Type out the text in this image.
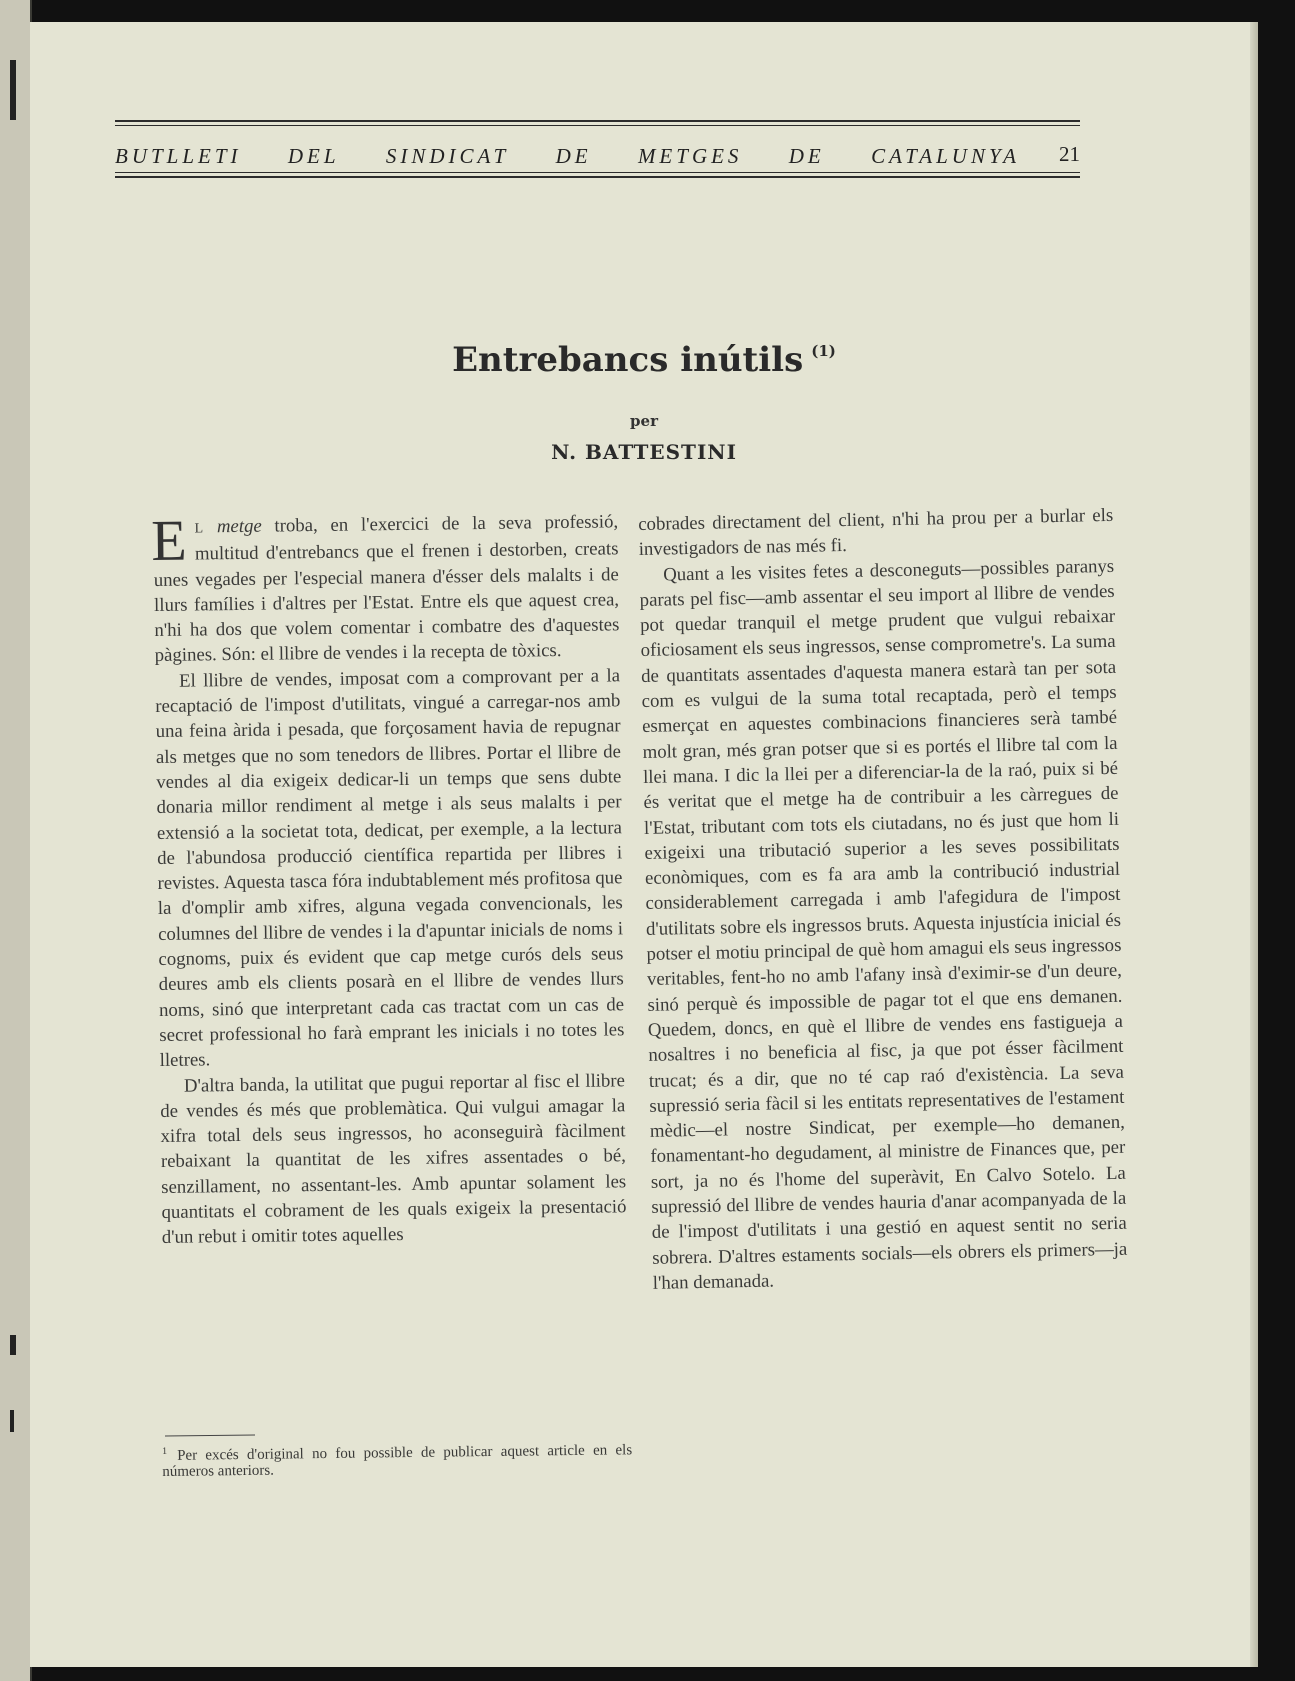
BUTLLETI DEL SINDICAT DE METGES DE CATALUNYA 21
Entrebancs inútils $^{(1)}$
per
N. BATTESTINI

E L metge troba, en l'exercici de la seva professió, multitud d'entrebancs que el frenen i destorben, creats unes vegades per l'especial manera d'ésser dels malalts i de llurs famílies i d'altres per l'Estat. Entre els que aquest crea, n'hi ha dos que volem comentar i combatre des d'aquestes pàgines. Són: el llibre de vendes i la recepta de tòxics.

El llibre de vendes, imposat com a comprovant per a la recaptació de l'impost d'utilitats, vingué a carregar-nos amb una feina àrida i pesada, que forçosament havia de repugnar als metges que no som tenedors de llibres. Portar el llibre de vendes al dia exigeix dedicar-li un temps que sens dubte donaria millor rendiment al metge i als seus malalts i per extensió a la societat tota, dedicat, per exemple, a la lectura de l'abundosa producció científica repartida per llibres i revistes. Aquesta tasca fóra indubtablement més profitosa que la d'omplir amb xifres, alguna vegada convencionals, les columnes del llibre de vendes i la d'apuntar inicials de noms i cognoms, puix és evident que cap metge curós dels seus deures amb els clients posarà en el llibre de vendes llurs noms, sinó que interpretant cada cas tractat com un cas de secret professional ho farà emprant les inicials i no totes les lletres.

D'altra banda, la utilitat que pugui reportar al fisc el llibre de vendes és més que problemàtica. Qui vulgui amagar la xifra total dels seus ingressos, ho aconseguirà fàcilment rebaixant la quantitat de les xifres assentades o bé, senzillament, no assentant-les. Amb apuntar solament les quantitats el cobrament de les quals exigeix la presentació d'un rebut i omitir totes aquelles

cobrades directament del client, n'hi ha prou per a burlar els investigadors de nas més fi.

Quant a les visites fetes a desconeguts—possibles paranys parats pel fisc—amb assentar el seu import al llibre de vendes pot quedar tranquil el metge prudent que vulgui rebaixar oficiosament els seus ingressos, sense comprometre's. La suma de quantitats assentades d'aquesta manera estarà tan per sota com es vulgui de la suma total recaptada, però el temps esmerçat en aquestes combinacions financieres serà també molt gran, més gran potser que si es portés el llibre tal com la llei mana. I dic la llei per a diferenciar-la de la raó, puix si bé és veritat que el metge ha de contribuir a les càrregues de l'Estat, tributant com tots els ciutadans, no és just que hom li exigeixi una tributació superior a les seves possibilitats econòmiques, com es fa ara amb la contribució industrial considerablement carregada i amb l'afegidura de l'impost d'utilitats sobre els ingressos bruts. Aquesta injustícia inicial és potser el motiu principal de què hom amagui els seus ingressos veritables, fent-ho no amb l'afany insà d'eximir-se d'un deure, sinó perquè és impossible de pagar tot el que ens demanen. Quedem, doncs, en què el llibre de vendes ens fastigueja a nosaltres i no beneficia al fisc, ja que pot ésser fàcilment trucat; és a dir, que no té cap raó d'existència. La seva supressió seria fàcil si les entitats representatives de l'estament mèdic—el nostre Sindicat, per exemple—ho demanen, fonamentant-ho degudament, al ministre de Finances que, per sort, ja no és l'home del superàvit, En Calvo Sotelo. La supressió del llibre de vendes hauria d'anar acompanyada de la de l'impost d'utilitats i una gestió en aquest sentit no seria sobrera. D'altres estaments socials—els obrers els primers—ja l'han demanada.

$^1$ Per excés d'original no fou possible de publicar aquest article en els números anteriors.
